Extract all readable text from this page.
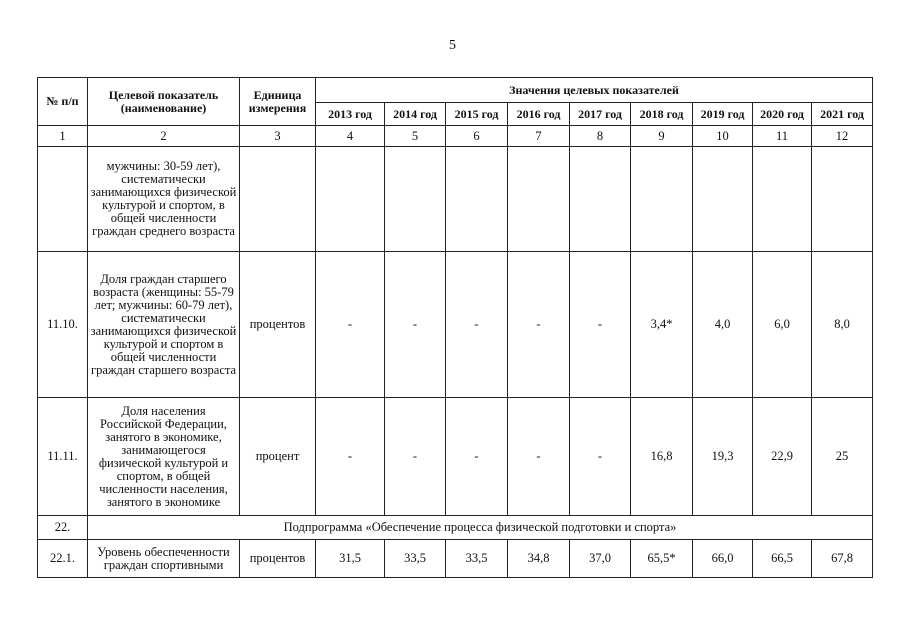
5
№ п/п	Целевой показатель (наименование)	Единица измерения	Значения целевых показателей								
			2013 год	2014 год	2015 год	2016 год	2017 год	2018 год	2019 год	2020 год	2021 год
1	2	3	4	5	6	7	8	9	10	11	12
	мужчины: 30-59 лет), систематически занимающихся физической культурой и спортом, в общей численности граждан среднего возраста										
11.10.	Доля граждан старшего возраста (женщины: 55-79 лет; мужчины: 60-79 лет), систематически занимающихся физической культурой и спортом в общей численности граждан старшего возраста	процентов	-	-	-	-	-	3,4*	4,0	6,0	8,0
11.11.	Доля населения Российской Федерации, занятого в экономике, занимающегося физической культурой и спортом, в общей численности населения, занятого в экономике	процент	-	-	-	-	-	16,8	19,3	22,9	25
22.	Подпрограмма «Обеспечение процесса физической подготовки и спорта»										
22.1.	Уровень обеспеченности граждан спортивными	процентов	31,5	33,5	33,5	34,8	37,0	65,5*	66,0	66,5	67,8
